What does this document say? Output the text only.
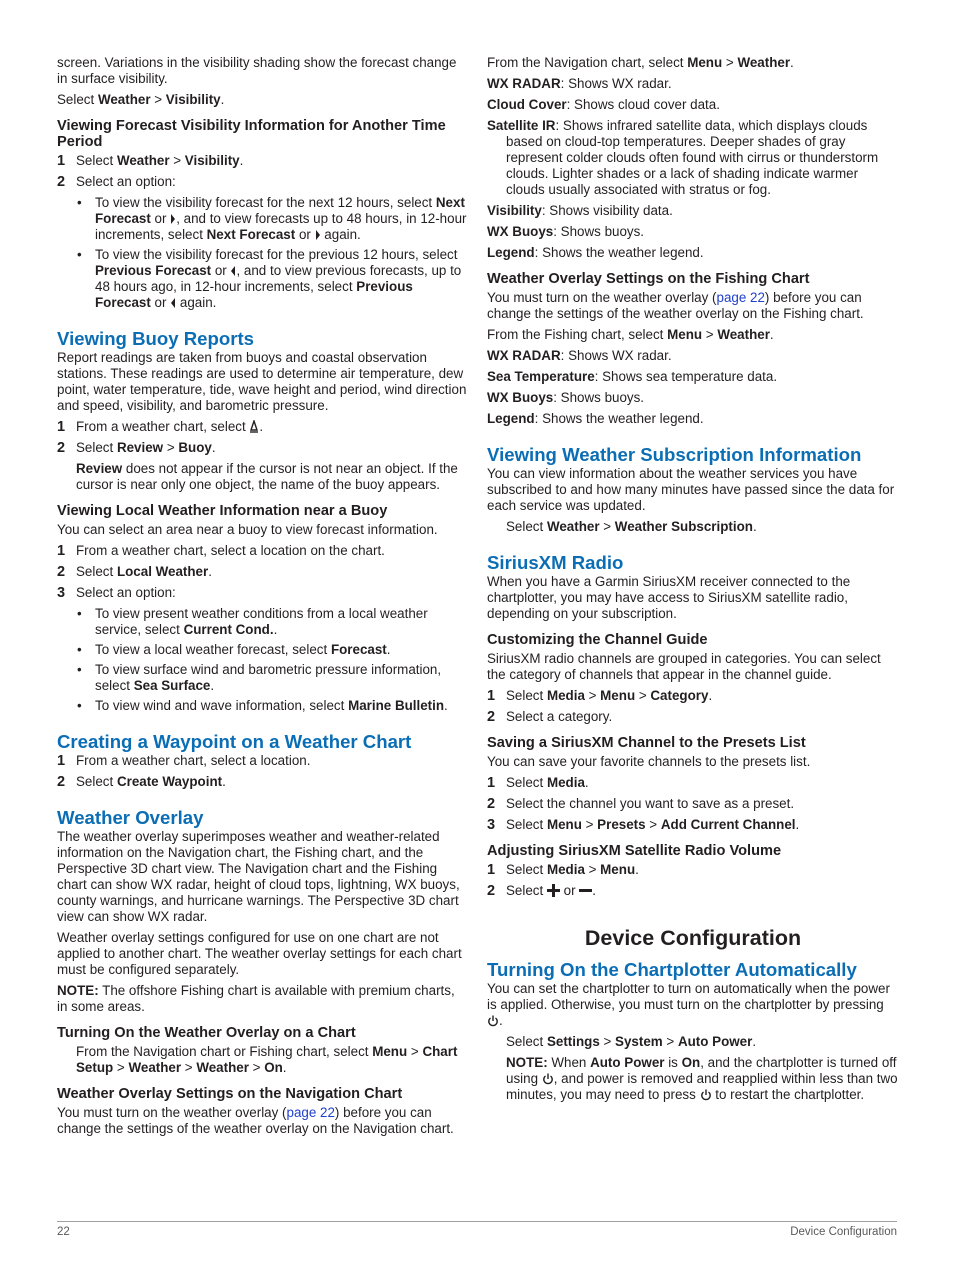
screen. Variations in the visibility shading show the forecast change in surface visibility.

Select Weather > Visibility.

Viewing Forecast Visibility Information for Another Time Period
1 Select Weather > Visibility.
2 Select an option:
• To view the visibility forecast for the next 12 hours, select Next Forecast or , and to view forecasts up to 48 hours, in 12-hour increments, select Next Forecast or  again.
• To view the visibility forecast for the previous 12 hours, select Previous Forecast or , and to view previous forecasts, up to 48 hours ago, in 12-hour increments, select Previous Forecast or  again.
Viewing Buoy Reports

Report readings are taken from buoys and coastal observation stations. These readings are used to determine air temperature, dew point, water temperature, tide, wave height and period, wind direction and speed, visibility, and barometric pressure.

1 From a weather chart, select .
2 Select Review > Buoy.

Review does not appear if the cursor is not near an object. If the cursor is near only one object, the name of the buoy appears.

Viewing Local Weather Information near a Buoy

You can select an area near a buoy to view forecast information.

1 From a weather chart, select a location on the chart.
2 Select Local Weather.
3 Select an option:
• To view present weather conditions from a local weather service, select Current Cond..
• To view a local weather forecast, select Forecast.
• To view surface wind and barometric pressure information, select Sea Surface.
• To view wind and wave information, select Marine Bulletin.
Creating a Waypoint on a Weather Chart
1 From a weather chart, select a location.
2 Select Create Waypoint.
Weather Overlay

The weather overlay superimposes weather and weather-related information on the Navigation chart, the Fishing chart, and the Perspective 3D chart view. The Navigation chart and the Fishing chart can show WX radar, height of cloud tops, lightning, WX buoys, county warnings, and hurricane warnings. The Perspective 3D chart view can show WX radar.

Weather overlay settings configured for use on one chart are not applied to another chart. The weather overlay settings for each chart must be configured separately.

NOTE: The offshore Fishing chart is available with premium charts, in some areas.

Turning On the Weather Overlay on a Chart

From the Navigation chart or Fishing chart, select Menu > Chart Setup > Weather > Weather > On.

Weather Overlay Settings on the Navigation Chart

You must turn on the weather overlay (page 22) before you can change the settings of the weather overlay on the Navigation chart.

From the Navigation chart, select Menu > Weather.

WX RADAR: Shows WX radar.

Cloud Cover: Shows cloud cover data.

Satellite IR: Shows infrared satellite data, which displays clouds based on cloud-top temperatures. Deeper shades of gray represent colder clouds often found with cirrus or thunderstorm clouds. Lighter shades or a lack of shading indicate warmer clouds usually associated with stratus or fog.

Visibility: Shows visibility data.

WX Buoys: Shows buoys.

Legend: Shows the weather legend.

Weather Overlay Settings on the Fishing Chart

You must turn on the weather overlay (page 22) before you can change the settings of the weather overlay on the Fishing chart.

From the Fishing chart, select Menu > Weather.

WX RADAR: Shows WX radar.

Sea Temperature: Shows sea temperature data.

WX Buoys: Shows buoys.

Legend: Shows the weather legend.

Viewing Weather Subscription Information

You can view information about the weather services you have subscribed to and how many minutes have passed since the data for each service was updated.

Select Weather > Weather Subscription.

SiriusXM Radio

When you have a Garmin SiriusXM receiver connected to the chartplotter, you may have access to SiriusXM satellite radio, depending on your subscription.

Customizing the Channel Guide

SiriusXM radio channels are grouped in categories. You can select the category of channels that appear in the channel guide.

1 Select Media > Menu > Category.
2 Select a category.
Saving a SiriusXM Channel to the Presets List

You can save your favorite channels to the presets list.

1 Select Media.
2 Select the channel you want to save as a preset.
3 Select Menu > Presets > Add Current Channel.
Adjusting SiriusXM Satellite Radio Volume
1 Select Media > Menu.
2 Select  or .
Device Configuration
Turning On the Chartplotter Automatically

You can set the chartplotter to turn on automatically when the power is applied. Otherwise, you must turn on the chartplotter by pressing .

Select Settings > System > Auto Power.

NOTE: When Auto Power is On, and the chartplotter is turned off using , and power is removed and reapplied within less than two minutes, you may need to press  to restart the chartplotter.

22	Device Configuration
